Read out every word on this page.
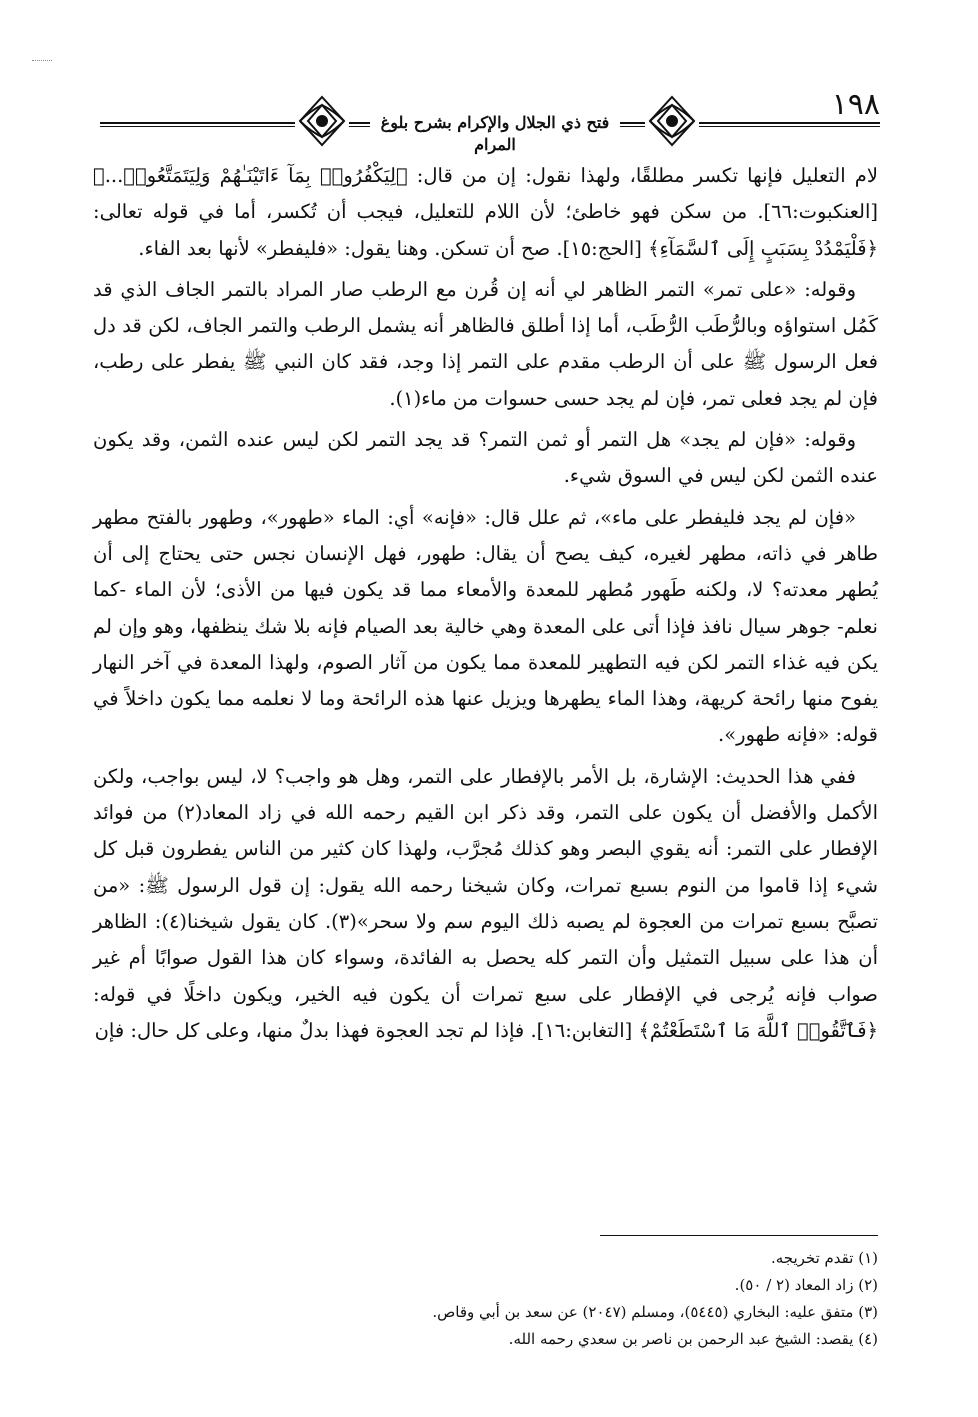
١٩٨
فتح ذي الجلال والإكرام بشرح بلوغ المرام

لام التعليل فإنها تكسر مطلقًا، ولهذا نقول: إن من قال: ﴿لِيَكْفُرُوا۟ بِمَآ ءَاتَيْنَـٰهُمْ وَلِيَتَمَتَّعُوا۟...﴾ [العنكبوت:٦٦]. من سكن فهو خاطئ؛ لأن اللام للتعليل، فيجب أن تُكسر، أما في قوله تعالى: ﴿فَلْيَمْدُدْ بِسَبَبٍ إِلَى ٱلسَّمَآءِ﴾ [الحج:١٥]. صح أن تسكن. وهنا يقول: «فليفطر» لأنها بعد الفاء.

وقوله: «على تمر» التمر الظاهر لي أنه إن قُرن مع الرطب صار المراد بالتمر الجاف الذي قد كَمُل استواؤه وبالرُّطَب الرُّطَب، أما إذا أطلق فالظاهر أنه يشمل الرطب والتمر الجاف، لكن قد دل فعل الرسول ﷺ على أن الرطب مقدم على التمر إذا وجد، فقد كان النبي ﷺ يفطر على رطب، فإن لم يجد فعلى تمر، فإن لم يجد حسى حسوات من ماء(١).

وقوله: «فإن لم يجد» هل التمر أو ثمن التمر؟ قد يجد التمر لكن ليس عنده الثمن، وقد يكون عنده الثمن لكن ليس في السوق شيء.

«فإن لم يجد فليفطر على ماء»، ثم علل قال: «فإنه» أي: الماء «طهور»، وطهور بالفتح مطهر طاهر في ذاته، مطهر لغيره، كيف يصح أن يقال: طهور، فهل الإنسان نجس حتى يحتاج إلى أن يُطهر معدته؟ لا، ولكنه طَهور مُطهر للمعدة والأمعاء مما قد يكون فيها من الأذى؛ لأن الماء -كما نعلم- جوهر سيال نافذ فإذا أتى على المعدة وهي خالية بعد الصيام فإنه بلا شك ينظفها، وهو وإن لم يكن فيه غذاء التمر لكن فيه التطهير للمعدة مما يكون من آثار الصوم، ولهذا المعدة في آخر النهار يفوح منها رائحة كريهة، وهذا الماء يطهرها ويزيل عنها هذه الرائحة وما لا نعلمه مما يكون داخلاً في قوله: «فإنه طهور».

ففي هذا الحديث: الإشارة، بل الأمر بالإفطار على التمر، وهل هو واجب؟ لا، ليس بواجب، ولكن الأكمل والأفضل أن يكون على التمر، وقد ذكر ابن القيم رحمه الله في زاد المعاد(٢) من فوائد الإفطار على التمر: أنه يقوي البصر وهو كذلك مُجرَّب، ولهذا كان كثير من الناس يفطرون قبل كل شيء إذا قاموا من النوم بسبع تمرات، وكان شيخنا رحمه الله يقول: إن قول الرسول ﷺ: «من تصبَّح بسبع تمرات من العجوة لم يصبه ذلك اليوم سم ولا سحر»(٣). كان يقول شيخنا(٤): الظاهر أن هذا على سبيل التمثيل وأن التمر كله يحصل به الفائدة، وسواء كان هذا القول صوابًا أم غير صواب فإنه يُرجى في الإفطار على سبع تمرات أن يكون فيه الخير، ويكون داخلًا في قوله: ﴿فَٱتَّقُوا۟ ٱللَّهَ مَا ٱسْتَطَعْتُمْ﴾ [التغابن:١٦]. فإذا لم تجد العجوة فهذا بدلٌ منها، وعلى كل حال: فإن

(١) تقدم تخريجه.
(٢) زاد المعاد (٢ / ٥٠).
(٣) متفق عليه: البخاري (٥٤٤٥)، ومسلم (٢٠٤٧) عن سعد بن أبي وقاص.
(٤) يقصد: الشيخ عبد الرحمن بن ناصر بن سعدي رحمه الله.
